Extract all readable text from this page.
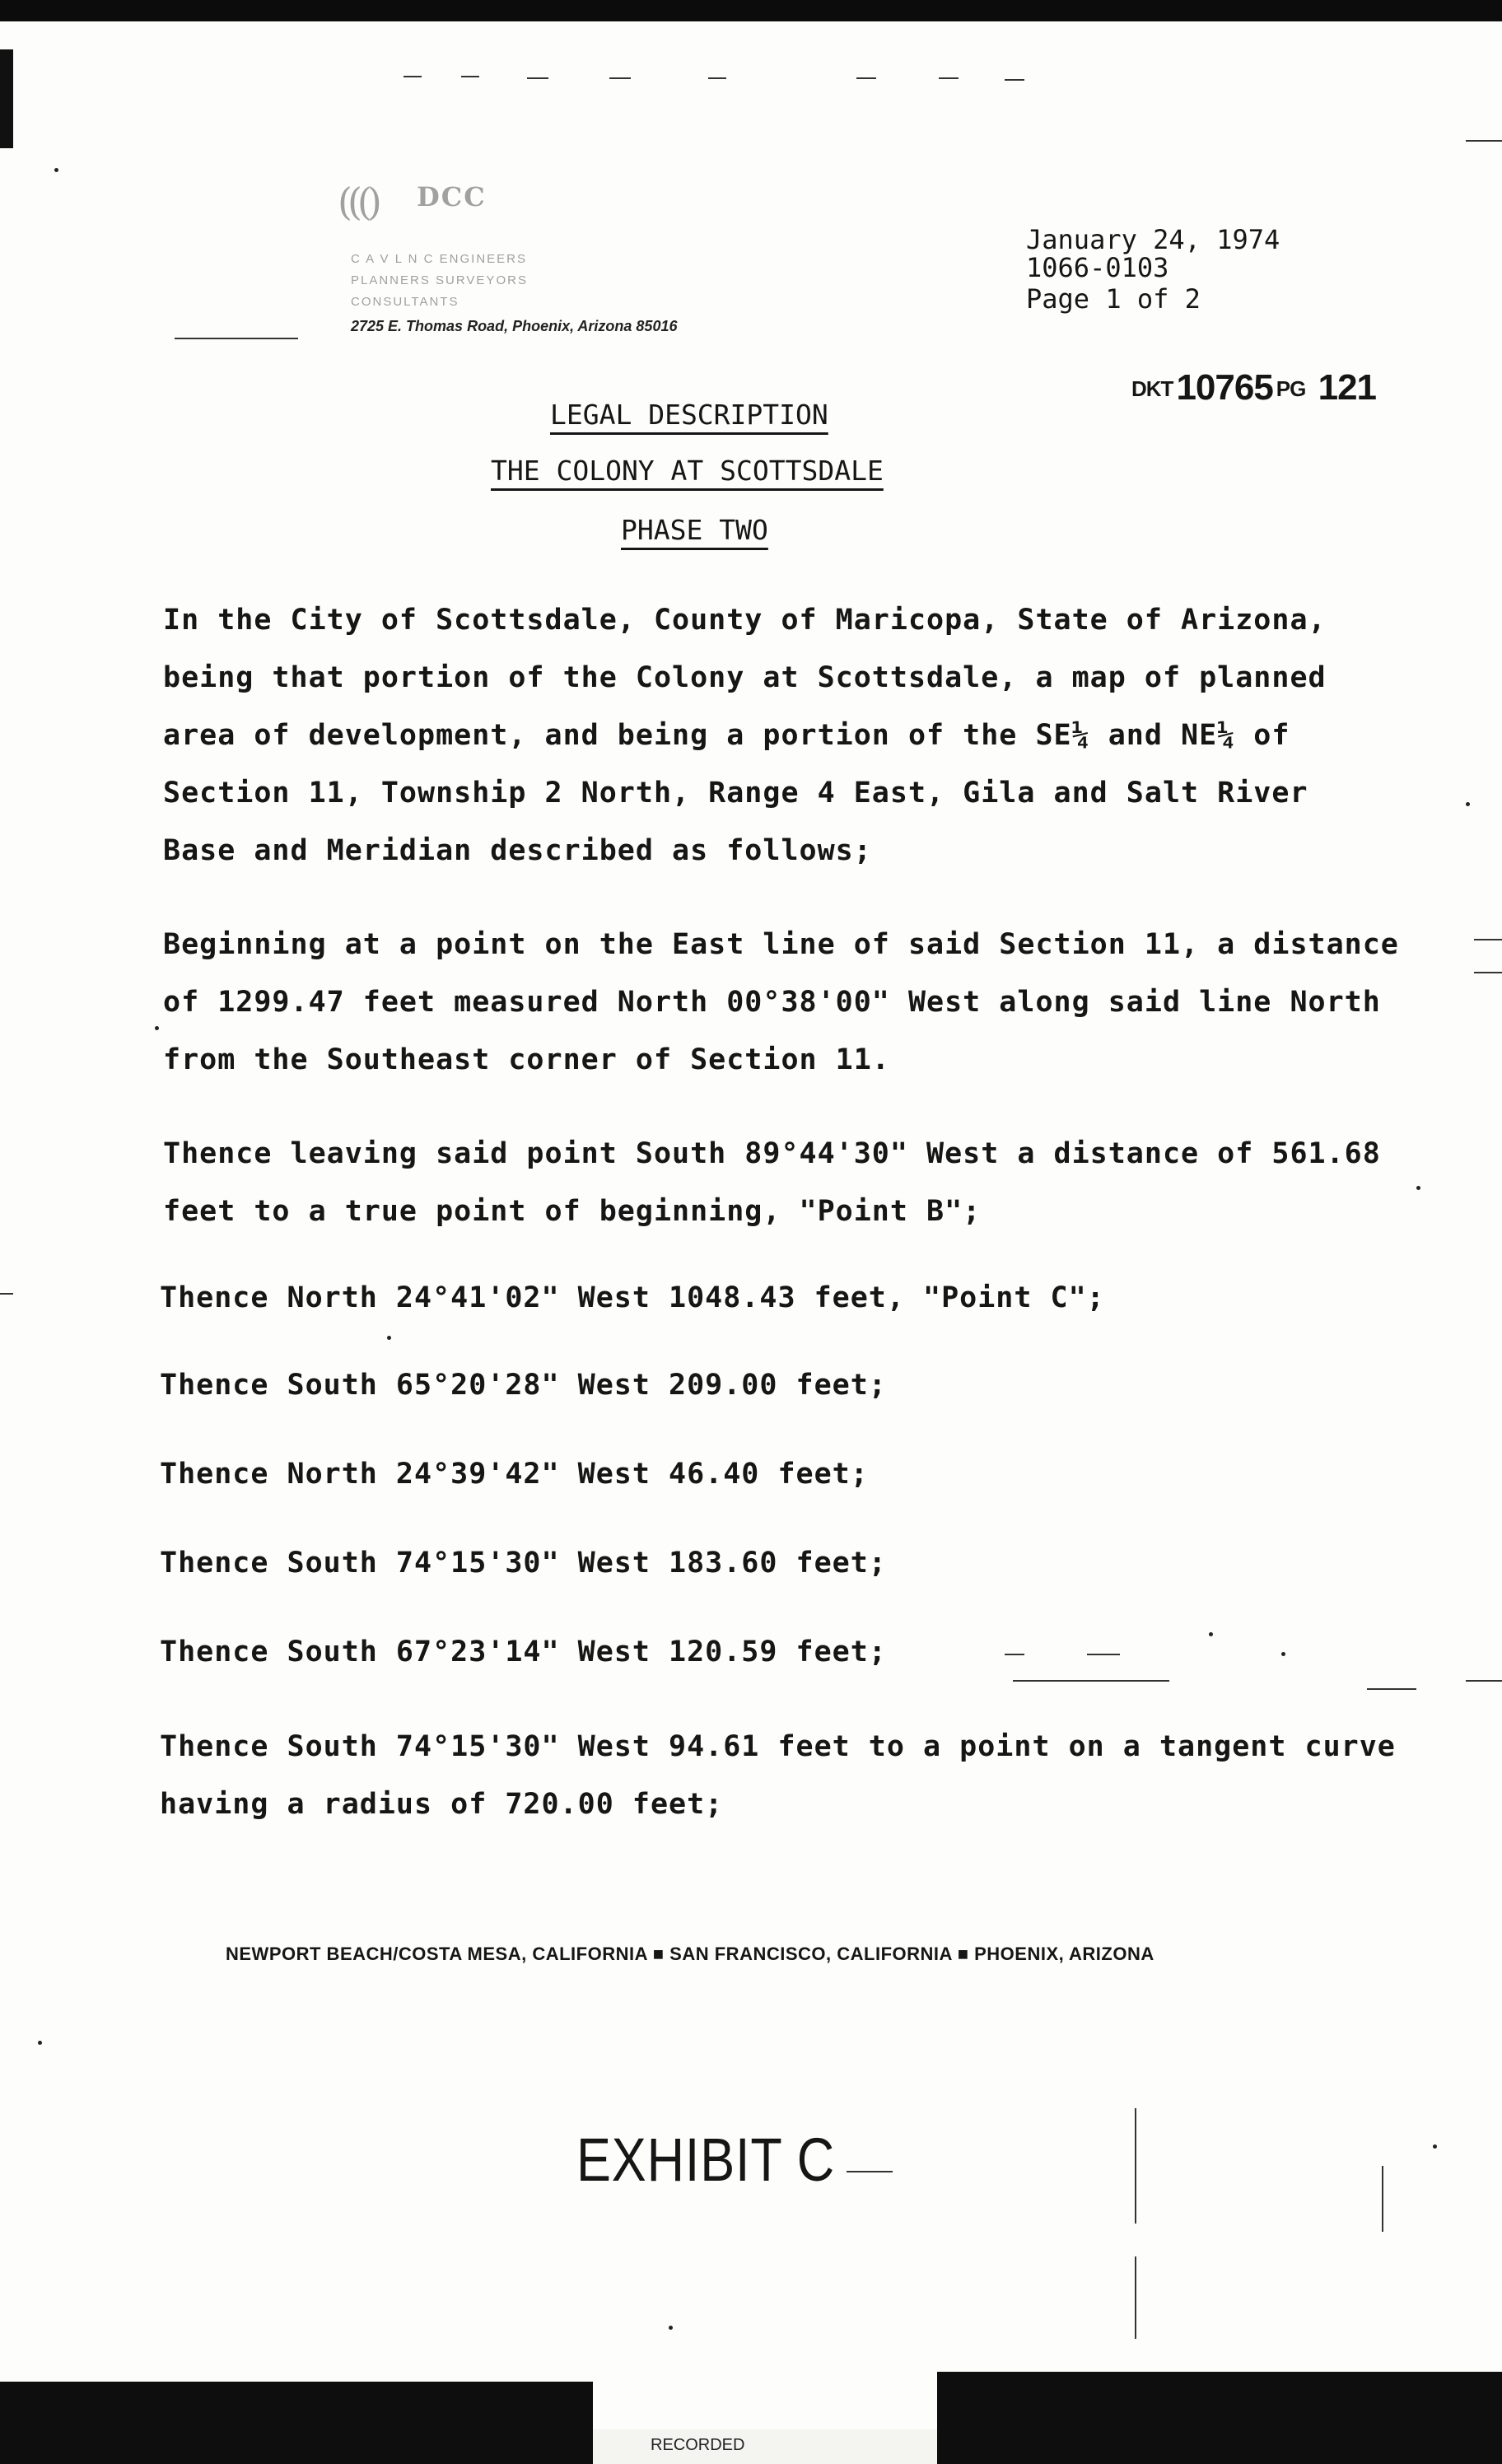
((()	DCC
C A V L N C ENGINEERS
PLANNERS SURVEYORS
CONSULTANTS
2725 E. Thomas Road, Phoenix, Arizona 85016
January 24, 1974
1066-0103
Page 1 of 2
DKT10765 PG 121
LEGAL DESCRIPTION
THE COLONY AT SCOTTSDALE
PHASE TWO
In the City of Scottsdale, County of Maricopa, State of Arizona,
being that portion of the Colony at Scottsdale, a map of planned
area of development, and being a portion of the SE¼ and NE¼ of
Section 11, Township 2 North, Range 4 East, Gila and Salt River
Base and Meridian described as follows;
Beginning at a point on the East line of said Section 11, a distance
of 1299.47 feet measured North 00°38'00" West along said line North
from the Southeast corner of Section 11.
Thence leaving said point South 89°44'30" West a distance of 561.68
feet to a true point of beginning, "Point B";
Thence North 24°41'02" West 1048.43 feet, "Point C";
Thence South 65°20'28" West 209.00 feet;
Thence North 24°39'42" West 46.40 feet;
Thence South 74°15'30" West 183.60 feet;
Thence South 67°23'14" West 120.59 feet;
Thence South 74°15'30" West 94.61 feet to a point on a tangent curve
having a radius of 720.00 feet;
NEWPORT BEACH/COSTA MESA, CALIFORNIA ■ SAN FRANCISCO, CALIFORNIA ■ PHOENIX, ARIZONA
EXHIBIT C
RECORDED
